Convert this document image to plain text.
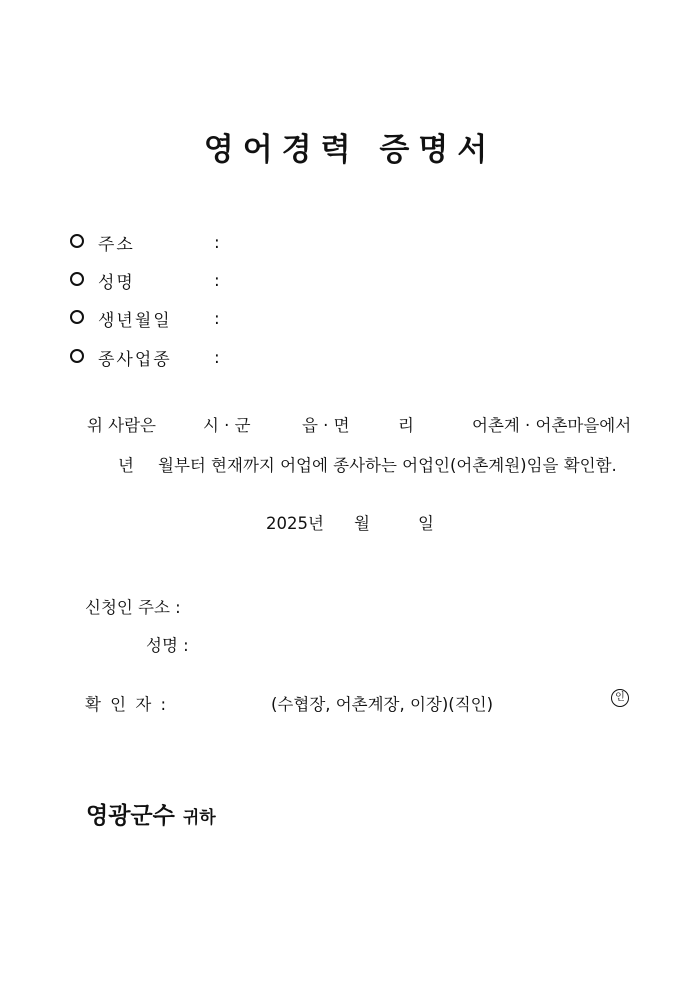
영어경력 증명서
주소	:
성명	:
생년월일 :
종사업종 :
위 사람은	시 · 군	읍 · 면	리	어촌계 · 어촌마을에서
년 월부터 현재까지 어업에 종사하는 어업인(어촌계원)임을 확인함.
2025년 월	일
신청인 주소 :
성명 :
확 인 자 :	(수협장, 어촌계장, 이장)(직인)	인
영광군수 귀하
